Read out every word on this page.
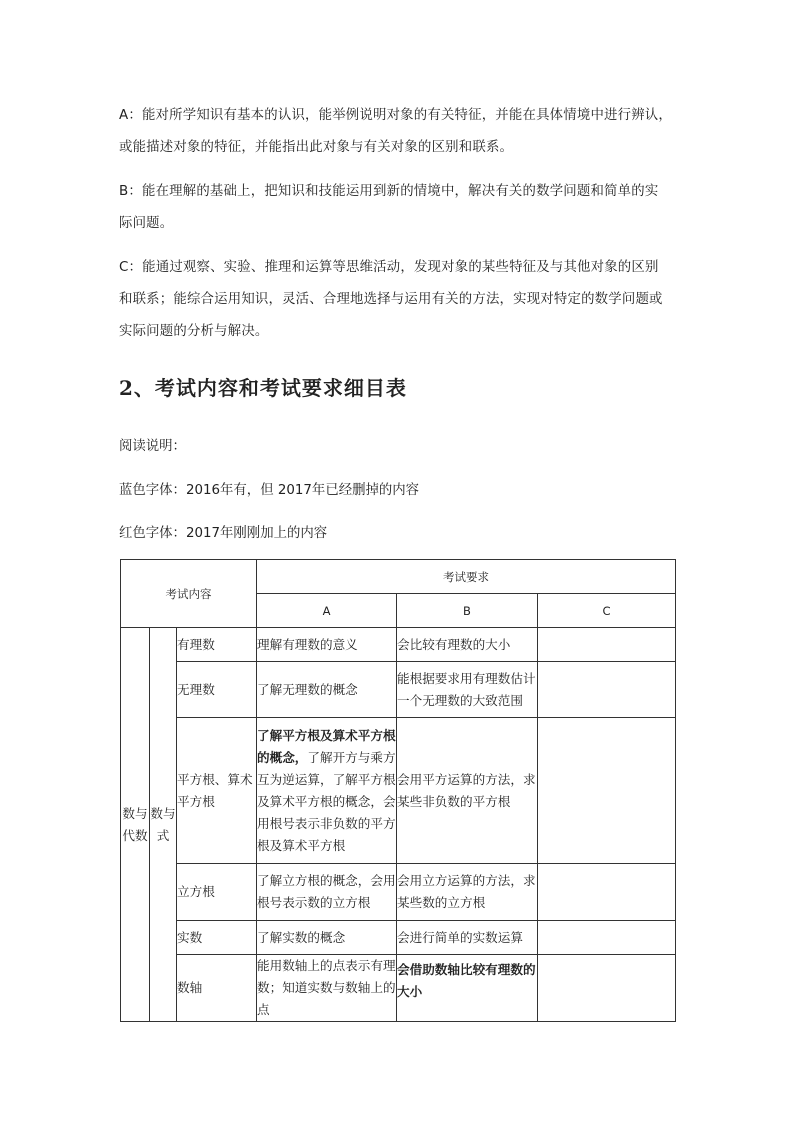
A：能对所学知识有基本的认识，能举例说明对象的有关特征，并能在具体情境中进行辨认，
或能描述对象的特征，并能指出此对象与有关对象的区别和联系。
B：能在理解的基础上，把知识和技能运用到新的情境中，解决有关的数学问题和简单的实
际问题。
C：能通过观察、实验、推理和运算等思维活动，发现对象的某些特征及与其他对象的区别
和联系；能综合运用知识，灵活、合理地选择与运用有关的方法，实现对特定的数学问题或
实际问题的分析与解决。
2、考试内容和考试要求细目表
阅读说明：
蓝色字体：2016年有，但 2017年已经删掉的内容
红色字体：2017年刚刚加上的内容
考试内容			考试要求		
			A	B	C
数与代数	数与式	有理数	理解有理数的意义	会比较有理数的大小	
		无理数	了解无理数的概念	能根据要求用有理数估计一个无理数的大致范围	
		平方根、算术平方根	了解平方根及算术平方根的概念，了解开方与乘方互为逆运算，了解平方根及算术平方根的概念，会用根号表示非负数的平方根及算术平方根	会用平方运算的方法，求某些非负数的平方根	
		立方根	了解立方根的概念，会用根号表示数的立方根	会用立方运算的方法，求某些数的立方根	
		实数	了解实数的概念	会进行简单的实数运算	
		数轴	能用数轴上的点表示有理数；知道实数与数轴上的点	会借助数轴比较有理数的大小	
